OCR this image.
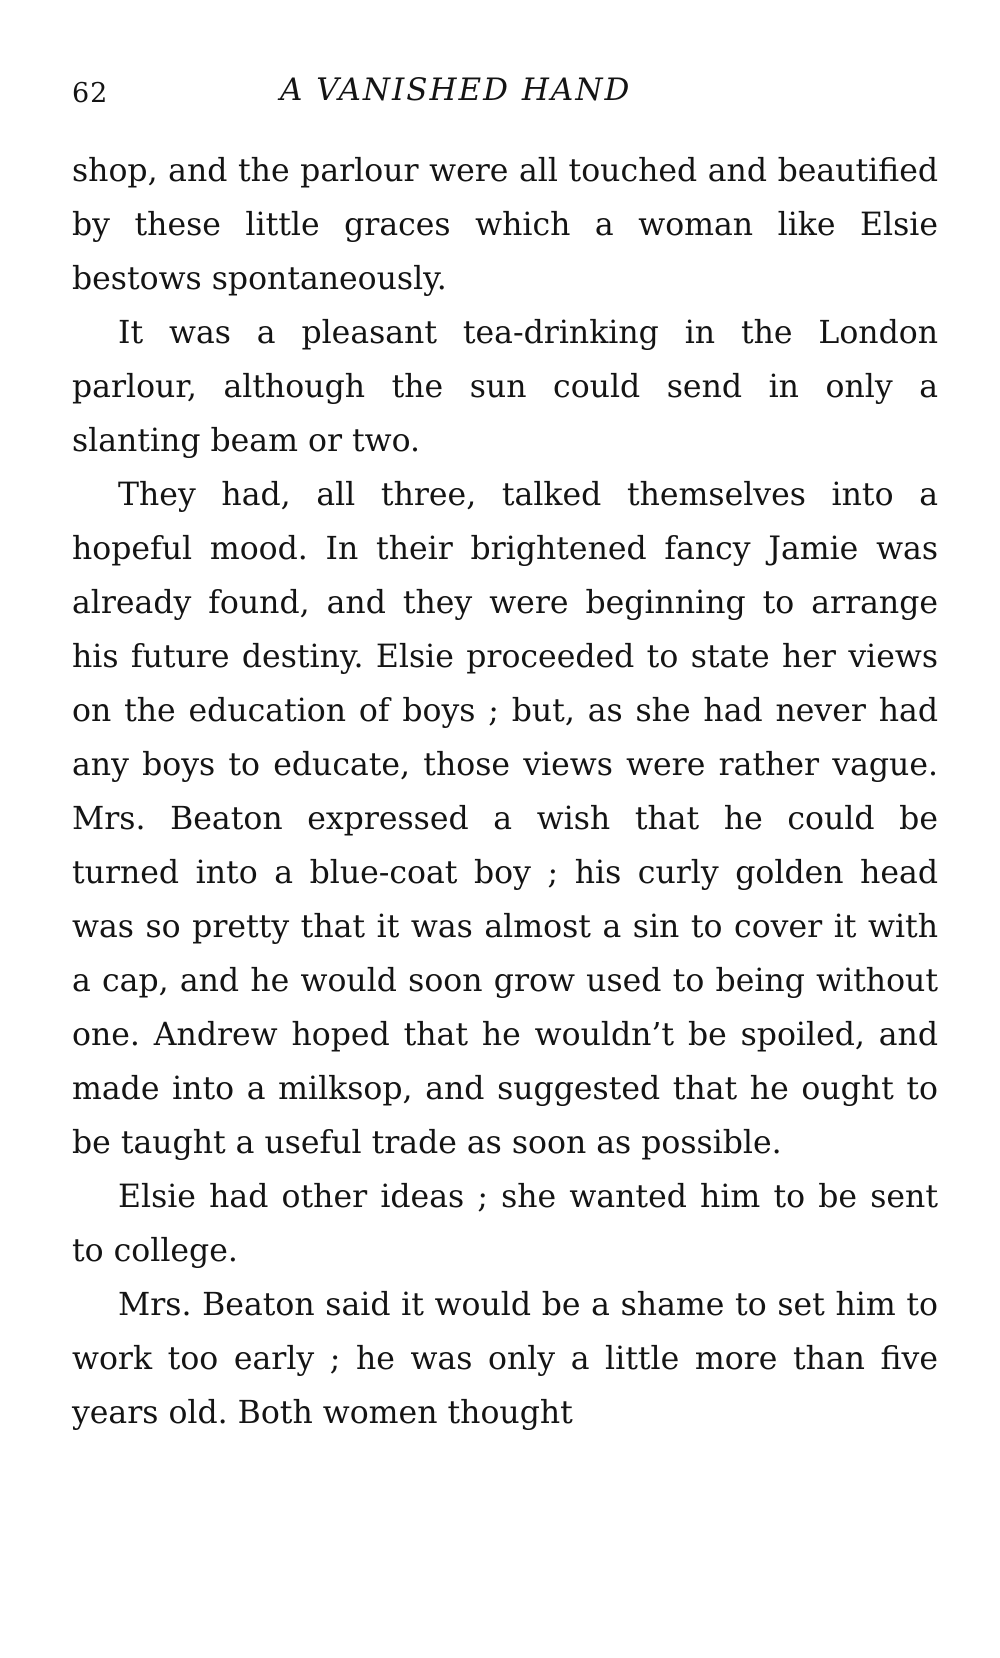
62	A VANISHED HAND

shop, and the parlour were all touched and beautified by these little graces which a woman like Elsie bestows spontaneously.

It was a pleasant tea-drinking in the London parlour, although the sun could send in only a slanting beam or two.

They had, all three, talked themselves into a hopeful mood. In their brightened fancy Jamie was already found, and they were beginning to arrange his future destiny. Elsie proceeded to state her views on the education of boys ; but, as she had never had any boys to educate, those views were rather vague. Mrs. Beaton expressed a wish that he could be turned into a blue-coat boy ; his curly golden head was so pretty that it was almost a sin to cover it with a cap, and he would soon grow used to being without one. Andrew hoped that he wouldn’t be spoiled, and made into a milksop, and suggested that he ought to be taught a useful trade as soon as possible.

Elsie had other ideas ; she wanted him to be sent to college.

Mrs. Beaton said it would be a shame to set him to work too early ; he was only a little more than five years old. Both women thought
